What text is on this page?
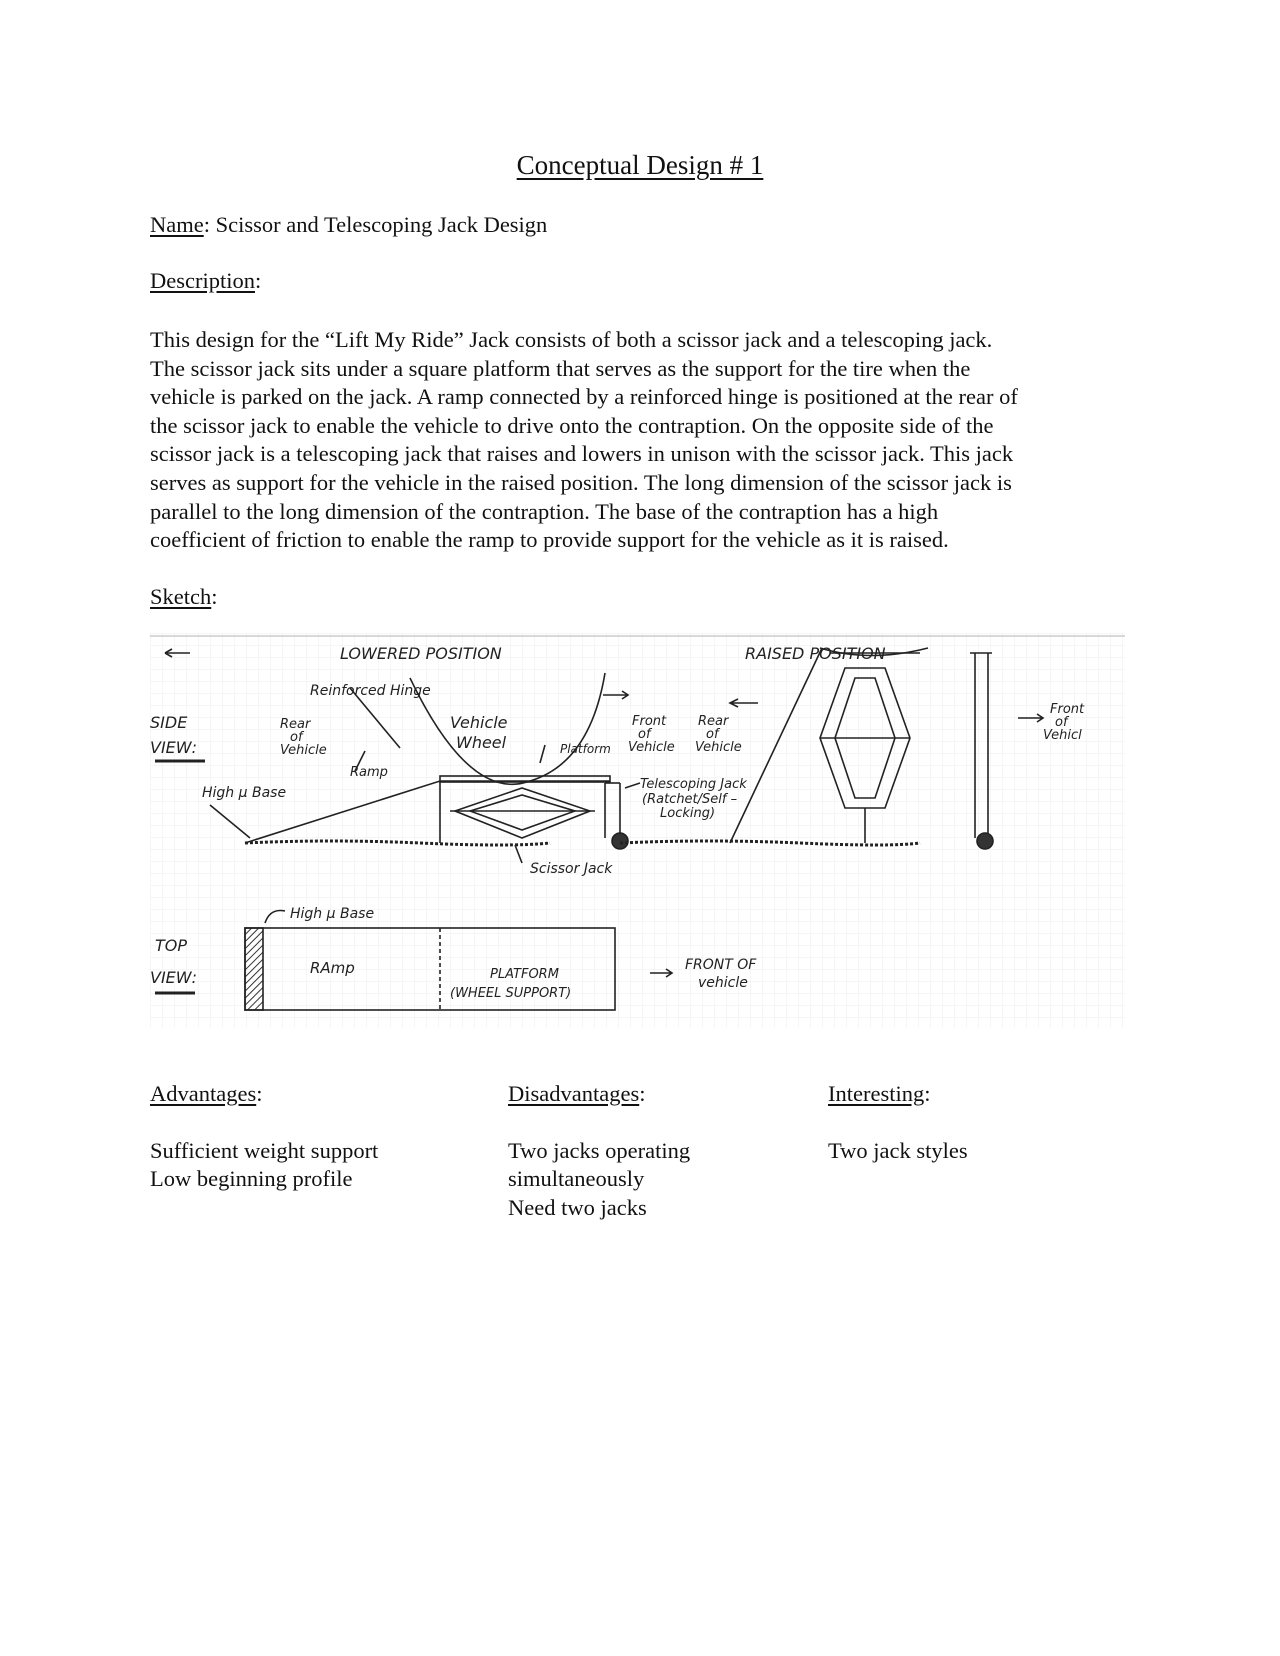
Conceptual Design # 1
Name: Scissor and Telescoping Jack Design
Description:
This design for the “Lift My Ride” Jack consists of both a scissor jack and a telescoping jack.
The scissor jack sits under a square platform that serves as the support for the tire when the
vehicle is parked on the jack. A ramp connected by a reinforced hinge is positioned at the rear of
the scissor jack to enable the vehicle to drive onto the contraption. On the opposite side of the
scissor jack is a telescoping jack that raises and lowers in unison with the scissor jack. This jack
serves as support for the vehicle in the raised position. The long dimension of the scissor jack is
parallel to the long dimension of the contraption. The base of the contraption has a high
coefficient of friction to enable the ramp to provide support for the vehicle as it is raised.
Sketch:
LOWERED POSITION	RAISED POSITION
SIDE
VIEW:
Reinforced Hinge
Rear
of
Vehicle
Vehicle
Wheel
Front
of
Vehicle
Rear
of
Vehicle
Front
of
Vehicl
Platform
Ramp
High μ Base
Telescoping Jack
(Ratchet/Self –
Locking)
Scissor Jack
TOP
VIEW:
High μ Base
RAmp	PLATFORM
(WHEEL SUPPORT)
FRONT OF
vehicle
Advantages:
Sufficient weight support
Low beginning profile
Disadvantages:
Two jacks operating
simultaneously
Need two jacks
Interesting:
Two jack styles
